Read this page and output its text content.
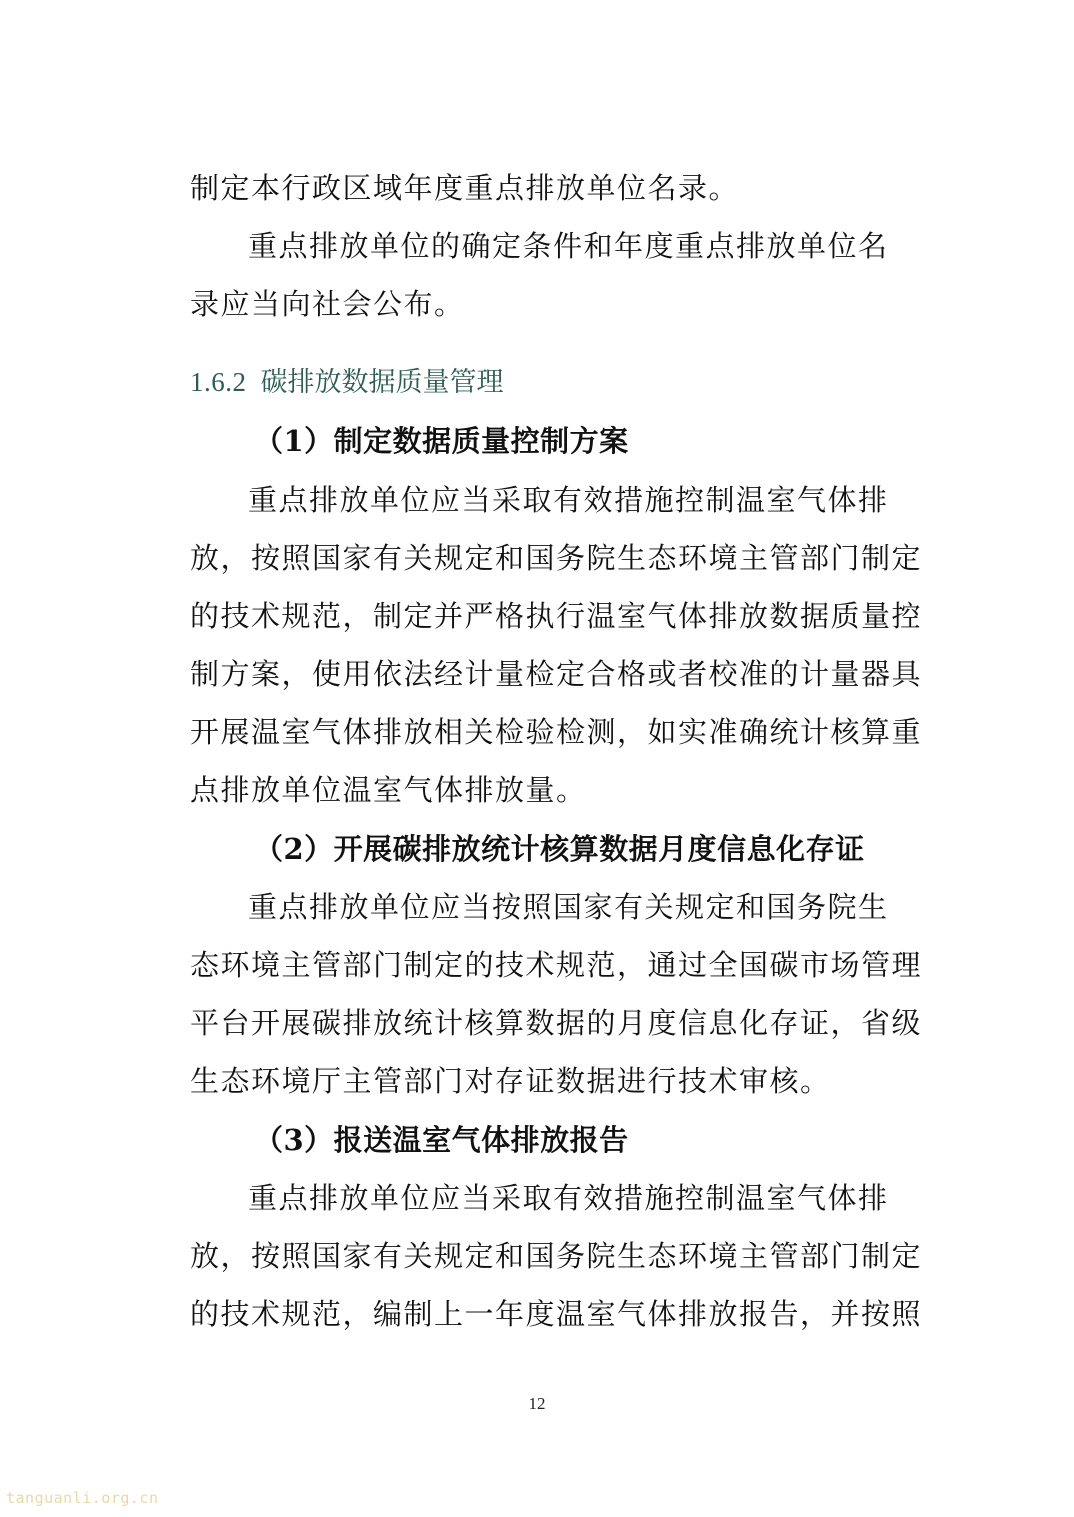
制定本行政区域年度重点排放单位名录。
重点排放单位的确定条件和年度重点排放单位名
录应当向社会公布。
1.6.2 碳排放数据质量管理
（1）制定数据质量控制方案
重点排放单位应当采取有效措施控制温室气体排
放，按照国家有关规定和国务院生态环境主管部门制定
的技术规范，制定并严格执行温室气体排放数据质量控
制方案，使用依法经计量检定合格或者校准的计量器具
开展温室气体排放相关检验检测，如实准确统计核算重
点排放单位温室气体排放量。
（2）开展碳排放统计核算数据月度信息化存证
重点排放单位应当按照国家有关规定和国务院生
态环境主管部门制定的技术规范，通过全国碳市场管理
平台开展碳排放统计核算数据的月度信息化存证，省级
生态环境厅主管部门对存证数据进行技术审核。
（3）报送温室气体排放报告
重点排放单位应当采取有效措施控制温室气体排
放，按照国家有关规定和国务院生态环境主管部门制定
的技术规范，编制上一年度温室气体排放报告，并按照
12
tanguanli.org.cn
